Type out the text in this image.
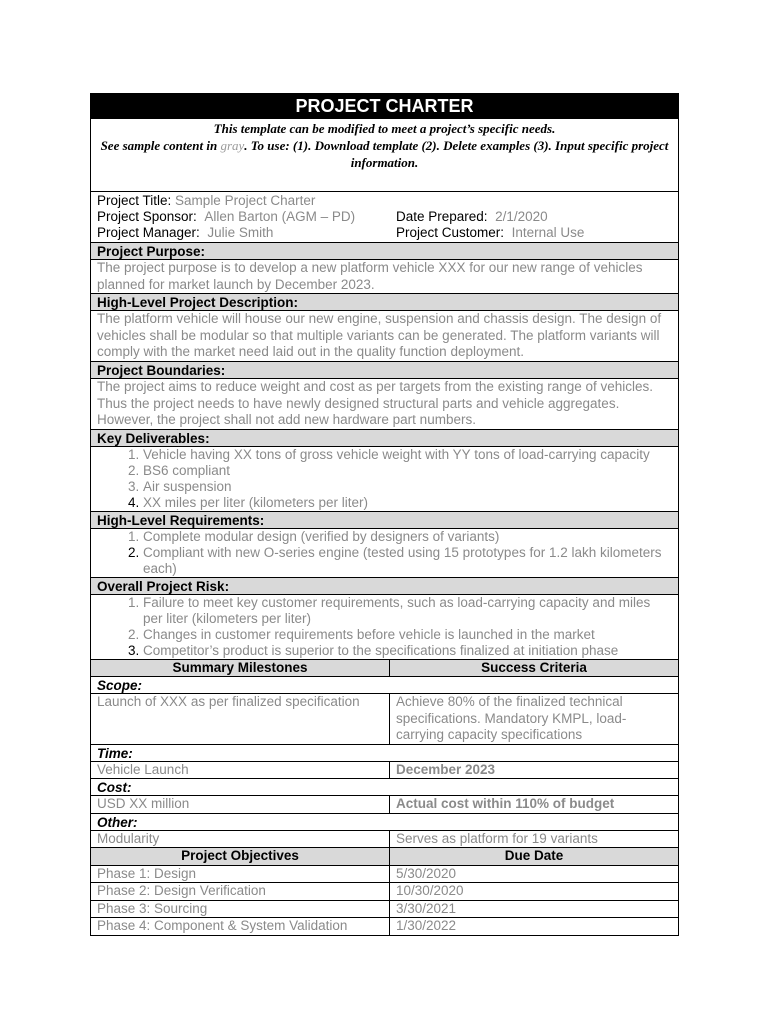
PROJECT CHARTER
This template can be modified to meet a project’s specific needs.
See sample content in gray. To use: (1). Download template (2). Delete examples (3). Input specific project information.
Project Title:
Sample Project Charter
Project Sponsor:  Allen Barton (AGM – PD)	Date Prepared:  2/1/2020
Project Manager:  Julie Smith	Project Customer:  Internal Use
Project Purpose:
The project purpose is to develop a new platform vehicle XXX for our new range of vehicles planned for market launch by December 2023.
High-Level Project Description:
The platform vehicle will house our new engine, suspension and chassis design. The design of vehicles shall be modular so that multiple variants can be generated. The platform variants will comply with the market need laid out in the quality function deployment.
Project Boundaries:
The project aims to reduce weight and cost as per targets from the existing range of vehicles. Thus the project needs to have newly designed structural parts and vehicle aggregates. However, the project shall not add new hardware part numbers.
Key Deliverables:
1. Vehicle having XX tons of gross vehicle weight with YY tons of load-carrying capacity
2. BS6 compliant
3. Air suspension
4. XX miles per liter (kilometers per liter)
High-Level Requirements:
1. Complete modular design (verified by designers of variants)
2. Compliant with new O-series engine (tested using 15 prototypes for 1.2 lakh kilometers each)
Overall Project Risk:
1. Failure to meet key customer requirements, such as load-carrying capacity and miles per liter (kilometers per liter)
2. Changes in customer requirements before vehicle is launched in the market
3. Competitor’s product is superior to the specifications finalized at initiation phase
Summary Milestones	Success Criteria
Scope:
Launch of XXX as per finalized specification	Achieve 80% of the finalized technical specifications. Mandatory KMPL, load-carrying capacity specifications
Time:
Vehicle Launch	December 2023
Cost:
USD XX million	Actual cost within 110% of budget
Other:
Modularity	Serves as platform for 19 variants
Project Objectives	Due Date
Phase 1: Design	5/30/2020
Phase 2: Design Verification	10/30/2020
Phase 3: Sourcing	3/30/2021
Phase 4: Component & System Validation	1/30/2022
